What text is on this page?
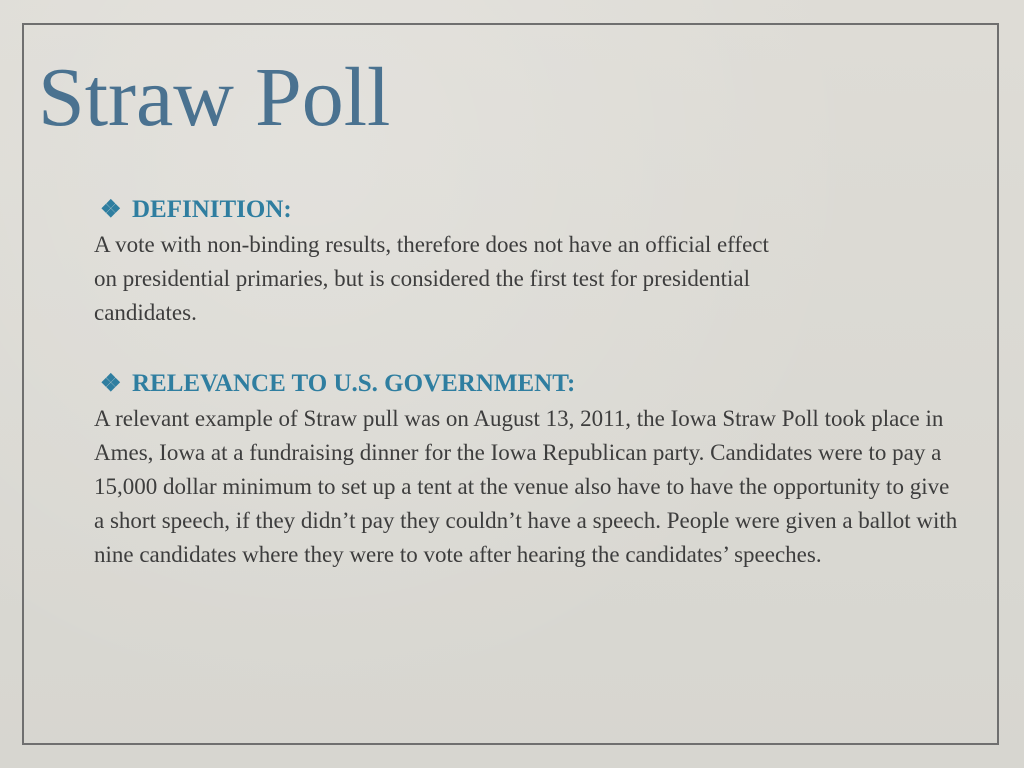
Straw Poll
❖ DEFINITION:

A vote with non-binding results, therefore does not have an official effect on presidential primaries, but is considered the first test for presidential candidates.

❖ RELEVANCE TO U.S. GOVERNMENT:

A relevant example of Straw pull was on August 13, 2011, the Iowa Straw Poll took place in Ames, Iowa at a fundraising dinner for the Iowa Republican party. Candidates were to pay a 15,000 dollar minimum to set up a tent at the venue also have to have the opportunity to give a short speech, if they didn’t pay they couldn’t have a speech. People were given a ballot with nine candidates where they were to vote after hearing the candidates’ speeches.
